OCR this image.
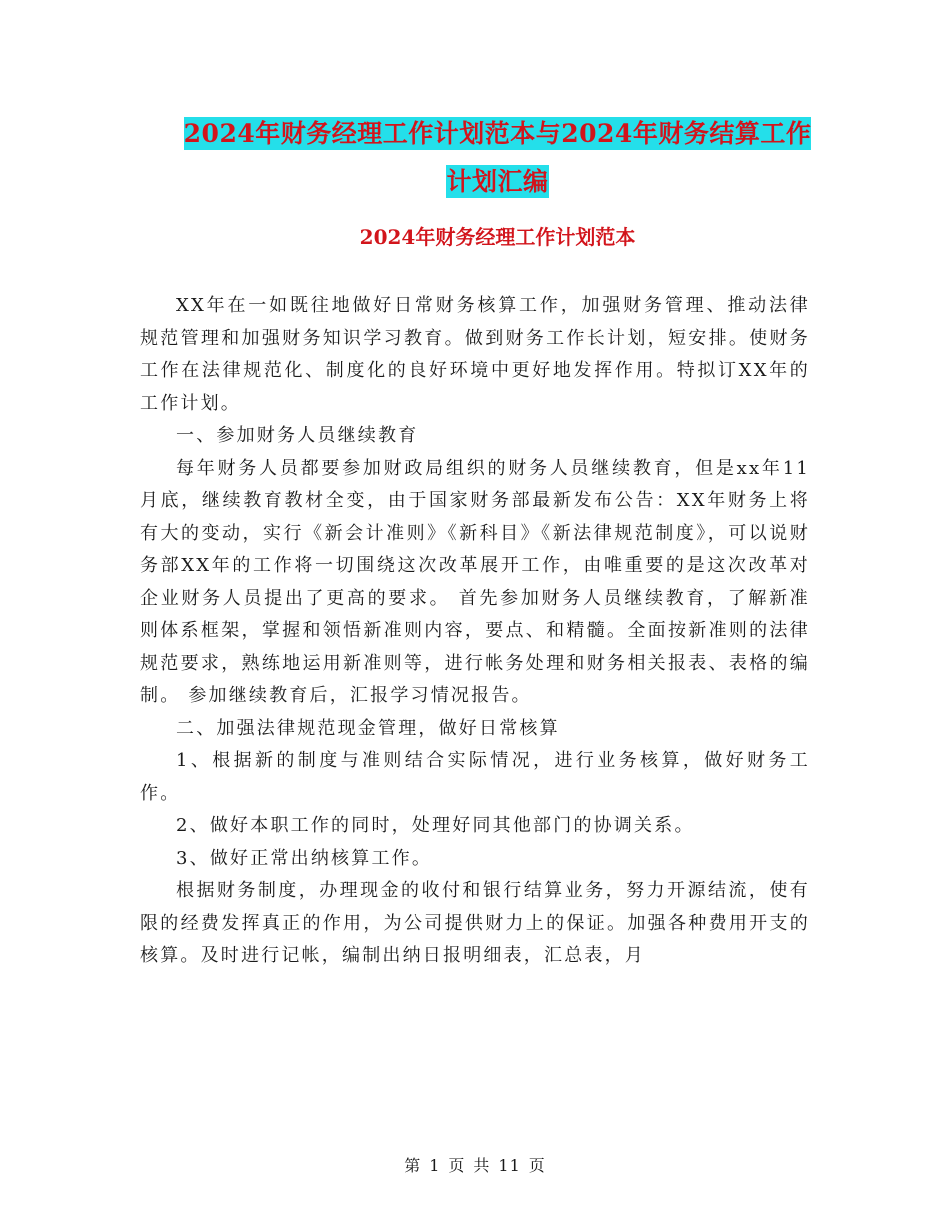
2024年财务经理工作计划范本与2024年财务结算工作
计划汇编
2024年财务经理工作计划范本

XX年在一如既往地做好日常财务核算工作，加强财务管理、推动法律规范管理和加强财务知识学习教育。做到财务工作长计划，短安排。使财务工作在法律规范化、制度化的良好环境中更好地发挥作用。特拟订XX年的工作计划。

一、参加财务人员继续教育

每年财务人员都要参加财政局组织的财务人员继续教育，但是xx年11月底，继续教育教材全变，由于国家财务部最新发布公告：XX年财务上将有大的变动，实行《新会计准则》《新科目》《新法律规范制度》，可以说财务部XX年的工作将一切围绕这次改革展开工作，由唯重要的是这次改革对企业财务人员提出了更高的要求。 首先参加财务人员继续教育，了解新准则体系框架，掌握和领悟新准则内容，要点、和精髓。全面按新准则的法律规范要求，熟练地运用新准则等，进行帐务处理和财务相关报表、表格的编制。 参加继续教育后，汇报学习情况报告。

二、加强法律规范现金管理，做好日常核算

1、根据新的制度与准则结合实际情况，进行业务核算，做好财务工作。

2、做好本职工作的同时，处理好同其他部门的协调关系。

3、做好正常出纳核算工作。

根据财务制度，办理现金的收付和银行结算业务，努力开源结流，使有限的经费发挥真正的作用，为公司提供财力上的保证。加强各种费用开支的核算。及时进行记帐，编制出纳日报明细表，汇总表，月

第 1 页 共 11 页
